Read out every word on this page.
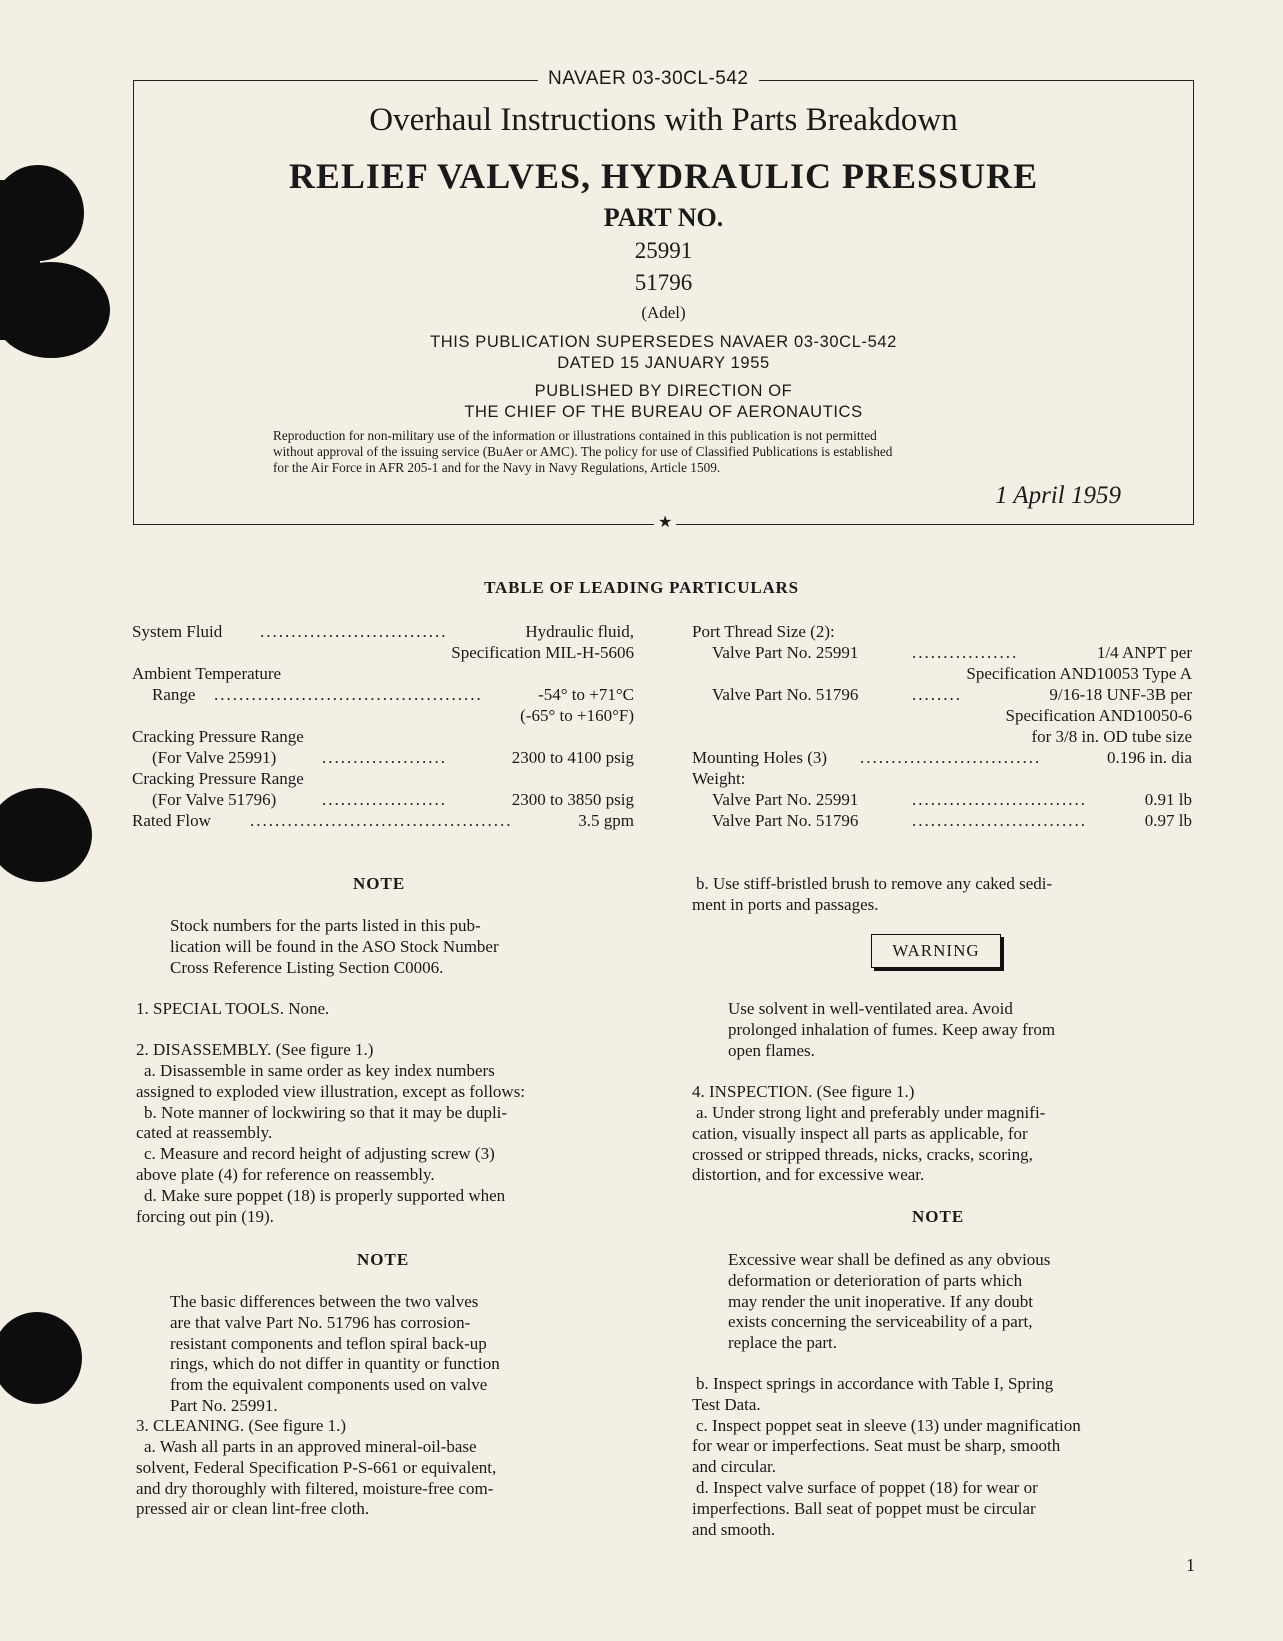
NAVAER 03-30CL-542
Overhaul Instructions with Parts Breakdown
RELIEF VALVES, HYDRAULIC PRESSURE
PART NO.
25991
51796
(Adel)
THIS PUBLICATION SUPERSEDES NAVAER 03-30CL-542
DATED 15 JANUARY 1955
PUBLISHED BY DIRECTION OF
THE CHIEF OF THE BUREAU OF AERONAUTICS
Reproduction for non-military use of the information or illustrations contained in this publication is not permitted
without approval of the issuing service (BuAer or AMC). The policy for use of Classified Publications is established
for the Air Force in AFR 205-1 and for the Navy in Navy Regulations, Article 1509.
1 April 1959
★
TABLE OF LEADING PARTICULARS
System Fluid ..............................	Hydraulic fluid,
Specification MIL-H-5606
Ambient Temperature
Range ...........................................	-54° to +71°C
(-65° to +160°F)
Cracking Pressure Range
(For Valve 25991)	....................	2300 to 4100 psig
Cracking Pressure Range
(For Valve 51796)	....................	2300 to 3850 psig
Rated Flow ..........................................	3.5 gpm
Port Thread Size (2):
Valve Part No. 25991	.................	1/4 ANPT per
Specification AND10053 Type A
Valve Part No. 51796	........	9/16-18 UNF-3B per
Specification AND10050-6
for 3/8 in. OD tube size
Mounting Holes (3) .............................	0.196 in. dia
Weight:
Valve Part No. 25991	............................	0.91 lb
Valve Part No. 51796	............................	0.97 lb
NOTE
Stock numbers for the parts listed in this pub-
lication will be found in the ASO Stock Number
Cross Reference Listing Section C0006.
1. SPECIAL TOOLS. None.
2. DISASSEMBLY. (See figure 1.)
a. Disassemble in same order as key index numbers
assigned to exploded view illustration, except as follows:
b. Note manner of lockwiring so that it may be dupli-
cated at reassembly.
c. Measure and record height of adjusting screw (3)
above plate (4) for reference on reassembly.
d. Make sure poppet (18) is properly supported when
forcing out pin (19).
NOTE
The basic differences between the two valves
are that valve Part No. 51796 has corrosion-
resistant components and teflon spiral back-up
rings, which do not differ in quantity or function
from the equivalent components used on valve
Part No. 25991.
3. CLEANING. (See figure 1.)
a. Wash all parts in an approved mineral-oil-base
solvent, Federal Specification P-S-661 or equivalent,
and dry thoroughly with filtered, moisture-free com-
pressed air or clean lint-free cloth.
b. Use stiff-bristled brush to remove any caked sedi-
ment in ports and passages.
WARNING
Use solvent in well-ventilated area. Avoid
prolonged inhalation of fumes. Keep away from
open flames.
4. INSPECTION. (See figure 1.)
a. Under strong light and preferably under magnifi-
cation, visually inspect all parts as applicable, for
crossed or stripped threads, nicks, cracks, scoring,
distortion, and for excessive wear.
NOTE
Excessive wear shall be defined as any obvious
deformation or deterioration of parts which
may render the unit inoperative. If any doubt
exists concerning the serviceability of a part,
replace the part.
b. Inspect springs in accordance with Table I, Spring
Test Data.
c. Inspect poppet seat in sleeve (13) under magnification
for wear or imperfections. Seat must be sharp, smooth
and circular.
d. Inspect valve surface of poppet (18) for wear or
imperfections. Ball seat of poppet must be circular
and smooth.
1
